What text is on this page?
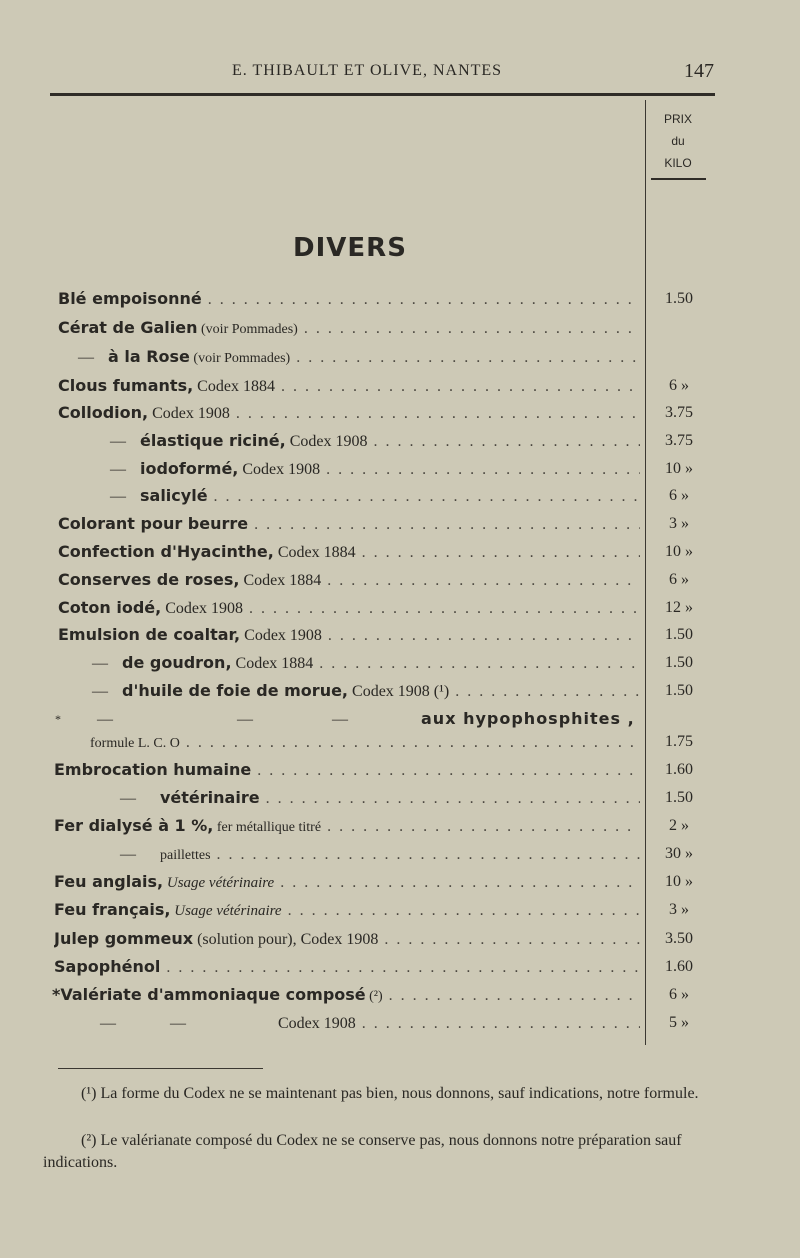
E. THIBAULT ET OLIVE, NANTES	147
PRIX
du
KILO
DIVERS
Blé empoisonné . . .	1.50
Cérat de Galien (voir Pommades) . . .
— à la Rose (voir Pommades) . . .
Clous fumants, Codex 1884 . . .	6 »
Collodion, Codex 1908 . . .	3.75
— élastique riciné, Codex 1908 . . .	3.75
— iodoformé, Codex 1908 . . .	10 »
— salicylé . . .	6 »
Colorant pour beurre . . .	3 »
Confection d'Hyacinthe, Codex 1884 . . .	10 »
Conserves de roses, Codex 1884 . . .	6 »
Coton iodé, Codex 1908 . . .	12 »
Emulsion de coaltar, Codex 1908 . . .	1.50
— de goudron, Codex 1884 . . .	1.50
— d'huile de foie de morue, Codex 1908 (¹) . . .	1.50
* —	—	—	aux hypophosphites ,
formule L. C. O . . .	1.75
Embrocation humaine . . .	1.60
— vétérinaire . . .	1.50
Fer dialysé à 1 %, fer métallique titré . . .	2 »
— paillettes . . .	30 »
Feu anglais, Usage vétérinaire . . .	10 »
Feu français, Usage vétérinaire . . .	3 »
Julep gommeux (solution pour), Codex 1908 . . .	3.50
Sapophénol . . .	1.60
*Valériate d'ammoniaque composé (²) . . .	6 »
—	—	Codex 1908 . . .	5 »
(¹) La forme du Codex ne se maintenant pas bien, nous donnons, sauf indications, notre formule.
(²) Le valérianate composé du Codex ne se conserve pas, nous donnons notre préparation sauf indications.
